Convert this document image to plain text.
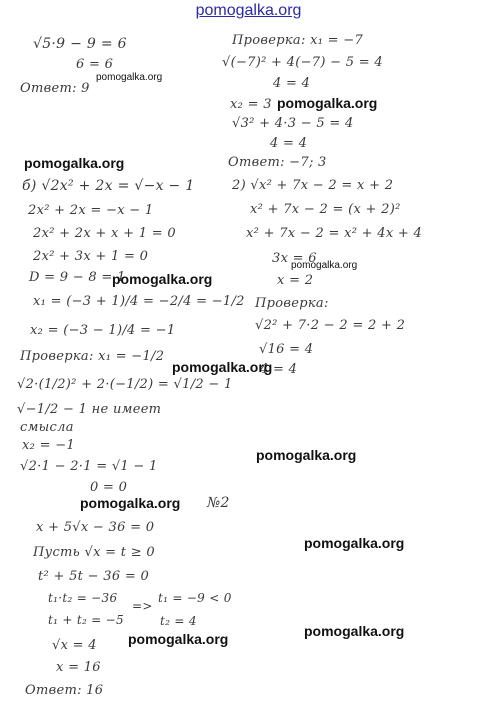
pomogalka.org
√5·9 − 9 = 6
6 = 6
Ответ: 9
б) √2x² + 2x = √−x − 1
2x² + 2x = −x − 1
2x² + 2x + x + 1 = 0
2x² + 3x + 1 = 0
D = 9 − 8 = 1
x₁ = (−3 + 1)/4 = −2/4 = −1/2
x₂ = (−3 − 1)/4 = −1
Проверка: x₁ = −1/2
√2·(1/2)² + 2·(−1/2) = √1/2 − 1
√−1/2 − 1 не имеет
смысла
x₂ = −1
√2·1 − 2·1 = √1 − 1
0 = 0
№2
x + 5√x − 36 = 0
Пусть √x = t ≥ 0
t² + 5t − 36 = 0
t₁·t₂ = −36
t₁ + t₂ = −5
=>
t₁ = −9 < 0
t₂ = 4
√x = 4
x = 16
Ответ: 16
Проверка: x₁ = −7
√(−7)² + 4(−7) − 5 = 4
4 = 4
x₂ = 3
√3² + 4·3 − 5 = 4
4 = 4
Ответ: −7; 3
2) √x² + 7x − 2 = x + 2
x² + 7x − 2 = (x + 2)²
x² + 7x − 2 = x² + 4x + 4
3x = 6
x = 2
Проверка:
√2² + 7·2 − 2 = 2 + 2
√16 = 4
4 = 4
pomogalka.org
pomogalka.org
pomogalka.org
pomogalka.org
pomogalka.org
pomogalka.org
pomogalka.org
pomogalka.org
pomogalka.org
pomogalka.org
pomogalka.org
